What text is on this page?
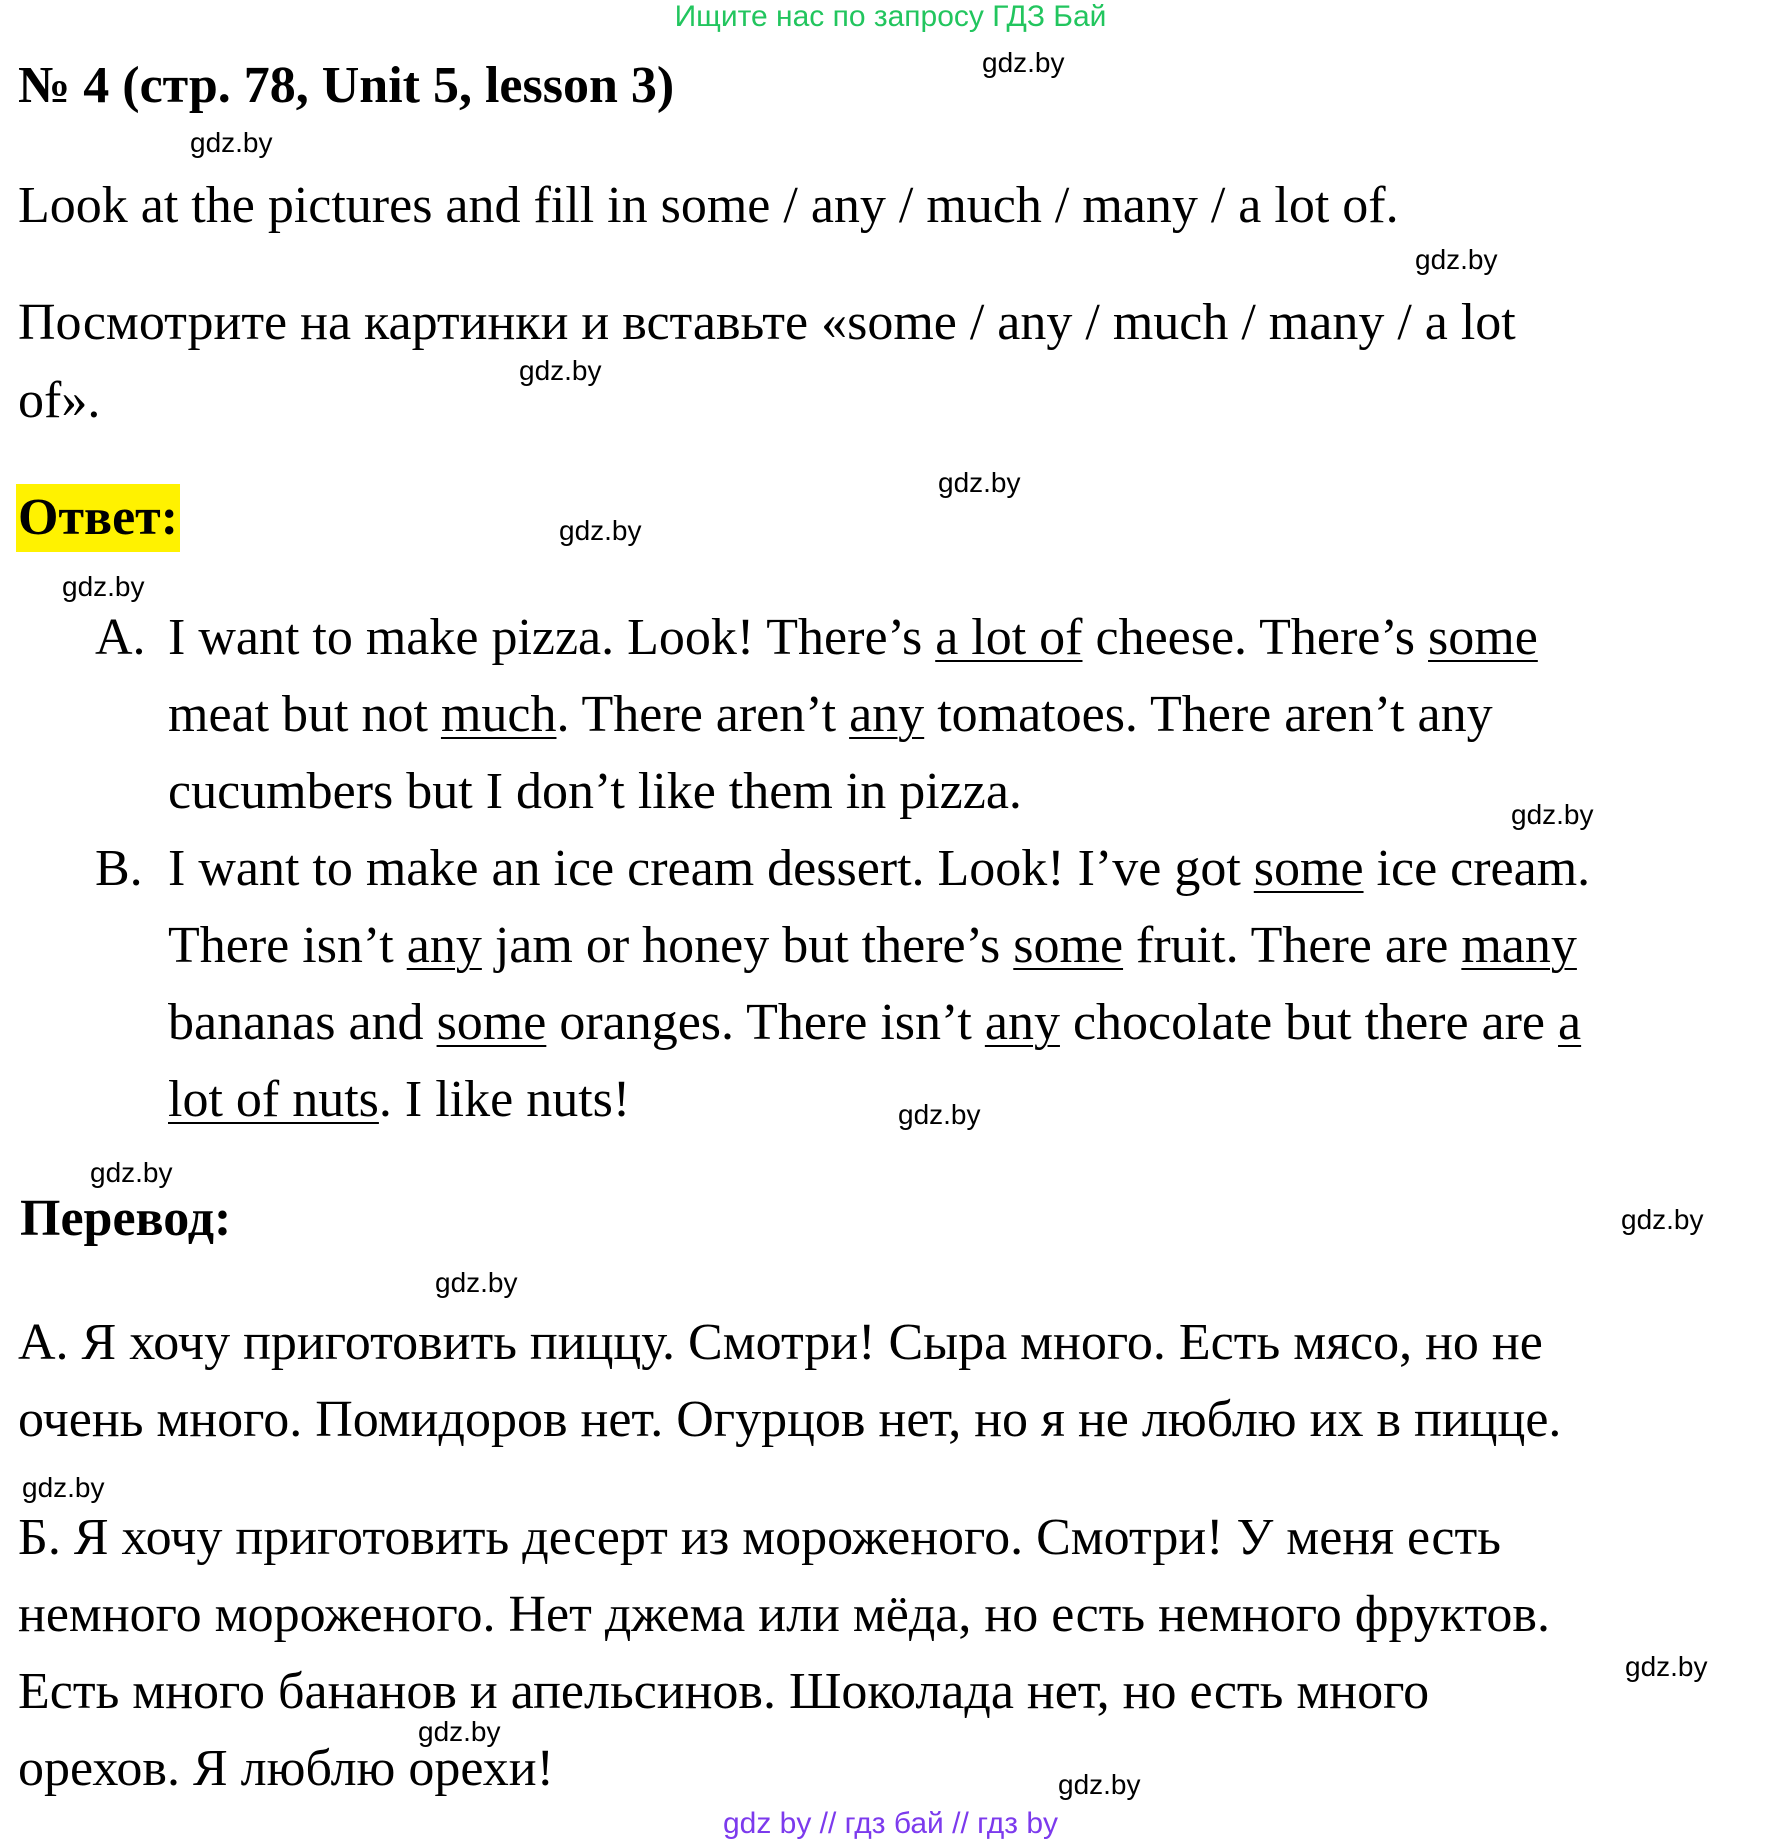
Ищите нас по запросу ГДЗ Бай
№ 4 (стр. 78, Unit 5, lesson 3)
Look at the pictures and fill in some / any / much / many / a lot of.
Посмотрите на картинки и вставьте «some / any / much / many / a lot
of».
Ответ:
A. I want to make pizza. Look! There’s a lot of cheese. There’s some
meat but not much. There aren’t any tomatoes. There aren’t any
cucumbers but I don’t like them in pizza.
B. I want to make an ice cream dessert. Look! I’ve got some ice cream.
There isn’t any jam or honey but there’s some fruit. There are many
bananas and some oranges. There isn’t any chocolate but there are a
lot of nuts. I like nuts!
Перевод:
А. Я хочу приготовить пиццу. Смотри! Сыра много. Есть мясо, но не
очень много. Помидоров нет. Огурцов нет, но я не люблю их в пицце.
Б. Я хочу приготовить десерт из мороженого. Смотри! У меня есть
немного мороженого. Нет джема или мёда, но есть немного фруктов.
Есть много бананов и апельсинов. Шоколада нет, но есть много
орехов. Я люблю орехи!
gdz.by
gdz.by
gdz.by
gdz.by
gdz.by
gdz.by
gdz.by
gdz.by
gdz.by
gdz.by
gdz.by
gdz.by
gdz.by
gdz.by
gdz.by
gdz.by
gdz by // гдз бай // гдз by
